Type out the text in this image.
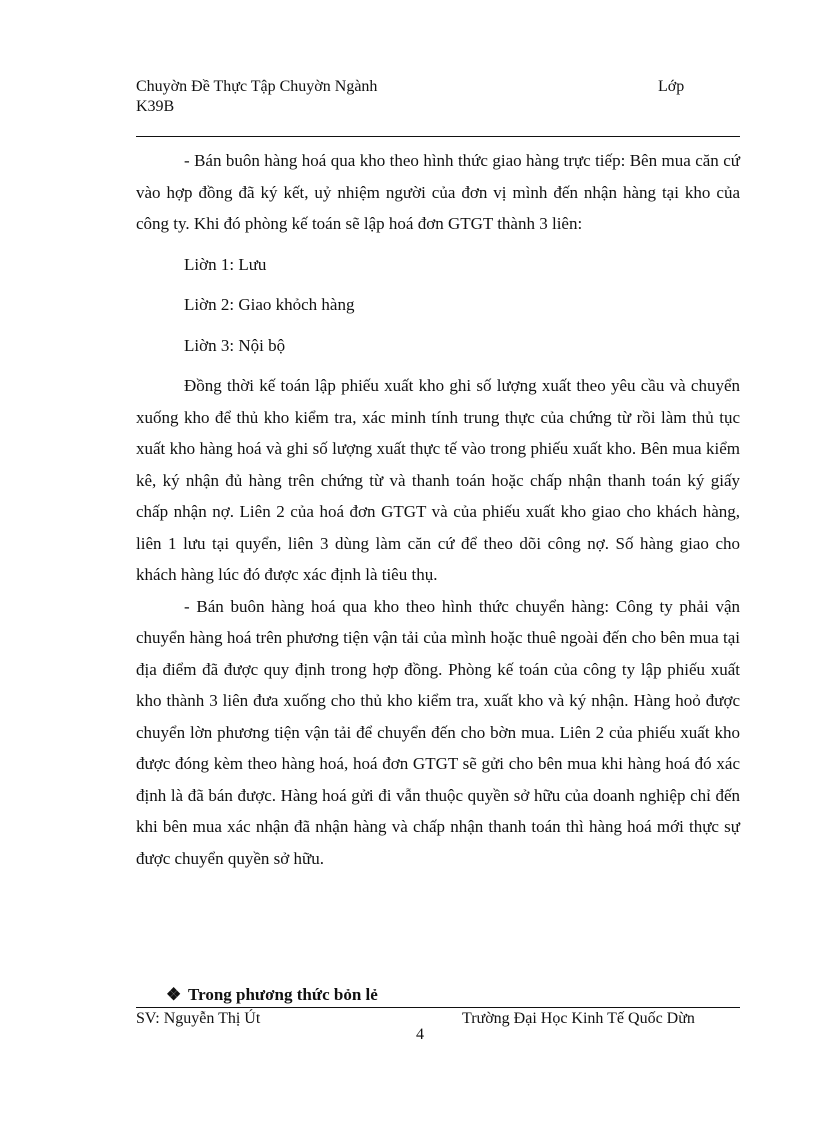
Chuyờn Đề Thực Tập Chuyờn Ngành	Lớp
K39B

- Bán buôn hàng hoá qua kho theo hình thức giao hàng trực tiếp: Bên mua căn cứ vào hợp đồng đã ký kết, uỷ nhiệm người của đơn vị mình đến nhận hàng tại kho của công ty. Khi đó phòng kế toán sẽ lập hoá đơn GTGT thành 3 liên:

Liờn 1: Lưu

Liờn 2: Giao khỏch hàng

Liờn 3: Nội bộ

Đồng thời kế toán lập phiếu xuất kho ghi số lượng xuất theo yêu cầu và chuyển xuống kho để thủ kho kiểm tra, xác minh tính trung thực của chứng từ rồi làm thủ tục xuất kho hàng hoá và ghi số lượng xuất thực tế vào trong phiếu xuất kho. Bên mua kiểm kê, ký nhận đủ hàng trên chứng từ và thanh toán hoặc chấp nhận thanh toán ký giấy chấp nhận nợ. Liên 2 của hoá đơn GTGT và của phiếu xuất kho giao cho khách hàng, liên 1 lưu tại quyển, liên 3 dùng làm căn cứ để theo dõi công nợ. Số hàng giao cho khách hàng lúc đó được xác định là tiêu thụ.

- Bán buôn hàng hoá qua kho theo hình thức chuyển hàng: Công ty phải vận chuyển hàng hoá trên phương tiện vận tải của mình hoặc thuê ngoài đến cho bên mua tại địa điểm đã được quy định trong hợp đồng. Phòng kế toán của công ty lập phiếu xuất kho thành 3 liên đưa xuống cho thủ kho kiểm tra, xuất kho và ký nhận. Hàng hoỏ được chuyển lờn phương tiện vận tải để chuyển đến cho bờn mua. Liên 2 của phiếu xuất kho được đóng kèm theo hàng hoá, hoá đơn GTGT sẽ gửi cho bên mua khi hàng hoá đó xác định là đã bán được. Hàng hoá gửi đi vẫn thuộc quyền sở hữu của doanh nghiệp chỉ đến khi bên mua xác nhận đã nhận hàng và chấp nhận thanh toán thì hàng hoá mới thực sự được chuyển quyền sở hữu.

❖ Trong phương thức bỏn lẻ
SV: Nguyễn Thị Út	Trường Đại Học Kinh Tế Quốc Dừn
4
